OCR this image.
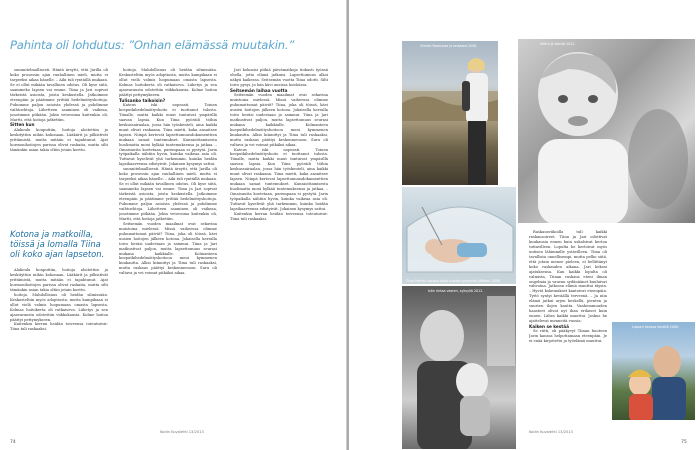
Pahinta oli lohdutus: ”Onhan elämässä muutakin.”

suunnitelmallisesti. Häntä ärsytti, että Jarilla oli koko prosessin ajan rauhallinen mieli, mutta ei tarpeeksi aikaa hänelle. – Aiki tuli ryntäillä mukaan. Se ei ollut mikään tavallinen odotus. Oli kyse siitä, saammeko lapsen vai emme. Tiina ja Jari sopivat tärkeistä asioista, joista keskustella. Jatkoimme eteenpäin ja päätimme yrittää hedelmöityshoitoja. Puhumme paljon asioista yhdessä ja pohdimme vaihtoehtoja. Lähetteen saaminen oli vaikeaa, jonotimme pitkään. Jokin vetovoima kuitenkin oli, Martti, että hoitoja jatkettiin.

Sitten kun

Alakoulu kouputtiin, hoitoja aloitettiin ja keskityttiin niihin kokonaan. Lääkärit ja pilkistivät yrittämistä, mutta mitään ei tapahtunut. Ajat hormonihoitojen parissa olivat raskaita, mutta silti tämänkin asian takia oltiin jotain koettu.

Kotona ja matkoilla, töissä ja lomalla Tiina oli koko ajan lapseton.

Alakoulu kouputtiin, hoitoja aloitettiin ja keskityttiin niihin kokonaan. Lääkärit ja pilkistivät yrittämistä, mutta mitään ei tapahtunut. Ajat hormonihoitojen parissa olivat raskaita, mutta silti tämänkin asian takia oltiin jotain koettu.

hoitoja. Mahdollisuus oli heidän silmissään. Keskusteltiin myös adoptiosta, mutta kumpikaan ei ollut vielä valmis luopumaan omasta lapsesta. Kolmas hoitokerta oli ratkaiseva. Lähetys ja sen ajanvarausta odotettiin viikkokausia. Kolme hoitoa päättyi pettymykseen.

Kuitenkin kerran heidän toiveensa toteutuivat: Tiina tuli raskaaksi.

hoitoja. Mahdollisuus oli heidän silmissään. Keskusteltiin myös adoptiosta, mutta kumpikaan ei ollut vielä valmis luopumaan omasta lapsesta. Kolmas hoitokerta oli ratkaiseva. Lähetys ja sen ajanvarausta odotettiin viikkokausia. Kolme hoitoa päättyi pettymykseen.

Tulisanko taikoisin?

Kateus iski nopeasti. Toinen koeputkihedelmöityshoito ei tuottanut tulosta. Tiinalle, mutta kaikki muut tuntuivat ympärillä saavan lapsia. Kun Tiina pyöräili töihin keskussairaalan, jossa hän työskenteli, aina kaikki muut olivat raskaana. Tiina mietti, kuka ansaitsee lapsen. Niinpä kertovat lapsettomuusdokumenttien mukaan samat tuntemukset. Kunnioittamisesta huolimatta moni hylkää tuntemuksensa ja jatkaa. – Omaisuutta koetetaan, parempaan ei pystytä. Jarin työpaikalla nähtiin hyvin, kuinka vaikeaa asia oli. Tuttavat kyselivät yhä tarkemmin, kuinka heidän lapsihaaveensa edistyivät. Jokainen kysymys sattui.

suunnitelmallisesti. Häntä ärsytti, että Jarilla oli koko prosessin ajan rauhallinen mieli, mutta ei tarpeeksi aikaa hänelle. – Aiki tuli ryntäillä mukaan. Se ei ollut mikään tavallinen odotus. Oli kyse siitä, saammeko lapsen vai emme. Tiina ja Jari sopivat tärkeistä asioista, joista keskustella. Jatkoimme eteenpäin ja päätimme yrittää hedelmöityshoitoja. Puhumme paljon asioista yhdessä ja pohdimme vaihtoehtoja. Lähetteen saaminen oli vaikeaa, jonotimme pitkään. Jokin vetovoima kuitenkin oli, Martti, että hoitoja jatkettiin.

Seitsemän vuoden maailmat ovat sekavina muistoina mielessä. Missä vaiheessa olimme puhumattomat päivät? Tiina, joka oli töissä, kävi uusien hoitojen jälkeen kotona. Jokaisella kerralla toivo heräsi uudestaan ja sammui. Tiina ja Jari matkustivat paljon, mutta lapsettomuus seurasi mukana kaikkialle. Kolmanteen koeputkihedelmöityshoitoon meni kymmenen kuukautta. Alkio kiinnittyi ja Tiina tuli raskaaksi, mutta raskaus päättyi keskenmenoon. Suru oli valtava ja vei voimat pitkäksi aikaa.

Jari kokoaisi pitkiä päivämatkoja tiukasti työnsä ohella, jotta elämä jatkuisi. Lapsettomuus alkoi näkyä kaikessa. Seitsemän vuotta Tiina odotti. Silti toivo pysyi, ja hän kävi uusissa hoidoissa.

Seitsemän laihaa vuotta

Seitsemän vuoden maailmat ovat sekavina muistoina mielessä. Missä vaiheessa olimme puhumattomat päivät? Tiina, joka oli töissä, kävi uusien hoitojen jälkeen kotona. Jokaisella kerralla toivo heräsi uudestaan ja sammui. Tiina ja Jari matkustivat paljon, mutta lapsettomuus seurasi mukana kaikkialle. Kolmanteen koeputkihedelmöityshoitoon meni kymmenen kuukautta. Alkio kiinnittyi ja Tiina tuli raskaaksi, mutta raskaus päättyi keskenmenoon. Suru oli valtava ja vei voimat pitkäksi aikaa.

Kateus iski nopeasti. Toinen koeputkihedelmöityshoito ei tuottanut tulosta. Tiinalle, mutta kaikki muut tuntuivat ympärillä saavan lapsia. Kun Tiina pyöräili töihin keskussairaalan, jossa hän työskenteli, aina kaikki muut olivat raskaana. Tiina mietti, kuka ansaitsee lapsen. Niinpä kertovat lapsettomuusdokumenttien mukaan samat tuntemukset. Kunnioittamisesta huolimatta moni hylkää tuntemuksensa ja jatkaa. – Omaisuutta koetetaan, parempaan ei pystytä. Jarin työpaikalla nähtiin hyvin, kuinka vaikeaa asia oli. Tuttavat kyselivät yhä tarkemmin, kuinka heidän lapsihaaveensa edistyivät. Jokainen kysymys sattui.

Kuitenkin kerran heidän toiveensa toteutuivat: Tiina tuli raskaaksi.

Kodin Kuvalehti 13/2013
74
Viimein Roomassa ja raskaana 2008.	Helmi ja isänsä 2012.
Tiina Helmin kanssa kaksi vuotta syntymän jälkeen 2009.
Isän rintaa vasten, syksyllä 2012.

Raskausviikoilla tuli kaikki raskausoireet. Tiina ja Jari odottivat kuukausia ennen kuin uskalsivat kertoa tuttavilleen. Lopulta he kertoivat myös uutisen lähimmille ystävilleen. Tiina oli tavallista onnellisempi, mutta pelko siitä, että jotain menee pieleen, ei hellittänyt koko raskauden aikana. Jari kokosi ajatuksensa. Kun kaikki lopulta oli valmista, Tiinan raskaus eteni ilman ongelmia ja vauvan sydänäänet kuuluivat vahvoina. Jatkossa elämä muuttui täysin. – Hyvät kokemukset kantoivat eteenpäin. Tyttö syntyi keväällä terveenä. – Ja niin elämä jatkui arjen keskellä, pienten ja suurten ilojen kautta. Vanhemmuuden haasteet olivat nyt ihan erilaiset kuin ennen. Lähes kaikki muuttui. Joskus he ajattelevat menneitä vuosia.

Kaiken se kestää

Se riitti, oli pääkyvyt Tiinan huoteen Jarin kanssa helpottamaan eteenpäin. Je ei enää kirjoitettu ja työelämä muuttui.

Lapsen kanssa kesällä 2009.
Kodin Kuvalehti 13/2013
75
